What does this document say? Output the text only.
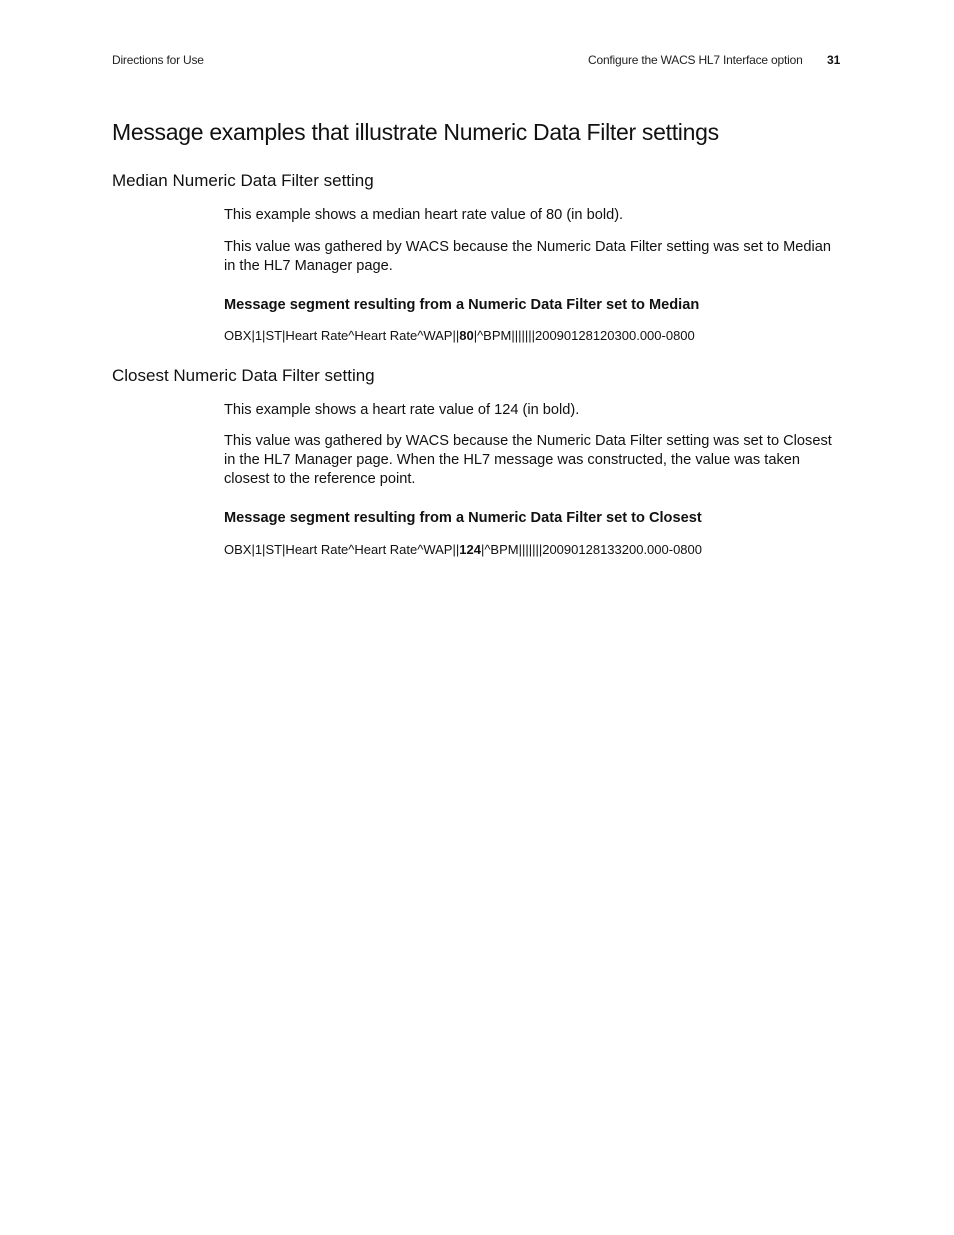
Directions for Use	Configure the WACS HL7 Interface option 31
Message examples that illustrate Numeric Data Filter settings
Median Numeric Data Filter setting

This example shows a median heart rate value of 80 (in bold).

This value was gathered by WACS because the Numeric Data Filter setting was set to Median in the HL7 Manager page.

Message segment resulting from a Numeric Data Filter set to Median

OBX|1|ST|Heart Rate^Heart Rate^WAP||80|^BPM|||||||20090128120300.000-0800

Closest Numeric Data Filter setting

This example shows a heart rate value of 124 (in bold).

This value was gathered by WACS because the Numeric Data Filter setting was set to Closest in the HL7 Manager page. When the HL7 message was constructed, the value was taken closest to the reference point.

Message segment resulting from a Numeric Data Filter set to Closest

OBX|1|ST|Heart Rate^Heart Rate^WAP||124|^BPM|||||||20090128133200.000-0800
